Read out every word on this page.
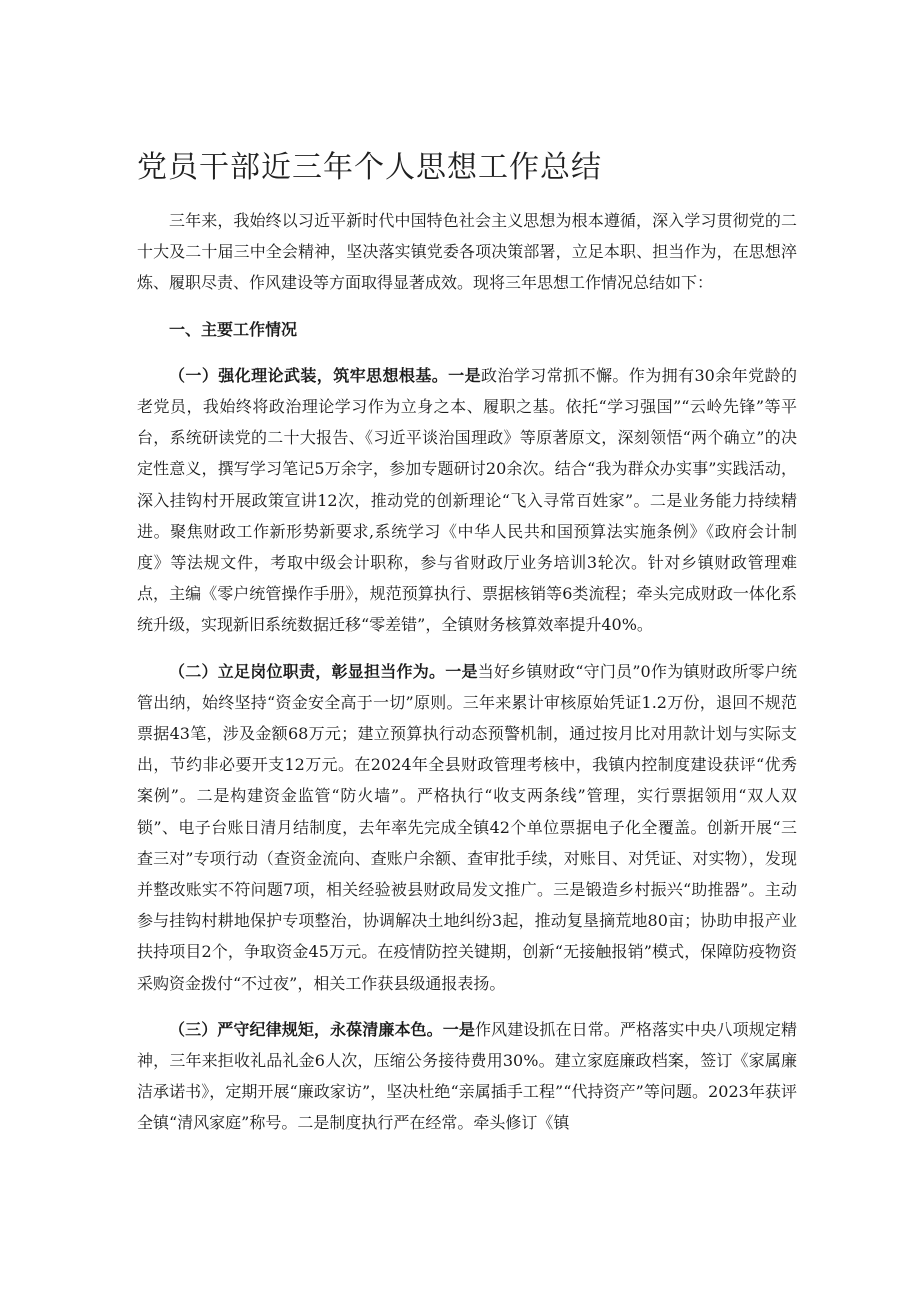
党员干部近三年个人思想工作总结

三年来，我始终以习近平新时代中国特色社会主义思想为根本遵循，深入学习贯彻党的二十大及二十届三中全会精神，坚决落实镇党委各项决策部署，立足本职、担当作为，在思想淬炼、履职尽责、作风建设等方面取得显著成效。现将三年思想工作情况总结如下：

一、主要工作情况

（一）强化理论武装，筑牢思想根基。一是政治学习常抓不懈。作为拥有30余年党龄的老党员，我始终将政治理论学习作为立身之本、履职之基。依托“学习强国”“云岭先锋”等平台，系统研读党的二十大报告、《习近平谈治国理政》等原著原文，深刻领悟“两个确立”的决定性意义，撰写学习笔记5万余字，参加专题研讨20余次。结合“我为群众办实事”实践活动，深入挂钩村开展政策宣讲12次，推动党的创新理论“飞入寻常百姓家”。二是业务能力持续精进。聚焦财政工作新形势新要求,系统学习《中华人民共和国预算法实施条例》《政府会计制度》等法规文件，考取中级会计职称，参与省财政厅业务培训3轮次。针对乡镇财政管理难点，主编《零户统管操作手册》，规范预算执行、票据核销等6类流程；牵头完成财政一体化系统升级，实现新旧系统数据迁移“零差错”，全镇财务核算效率提升40%。

（二）立足岗位职责，彰显担当作为。一是当好乡镇财政“守门员”0作为镇财政所零户统管出纳，始终坚持“资金安全高于一切”原则。三年来累计审核原始凭证1.2万份，退回不规范票据43笔，涉及金额68万元；建立预算执行动态预警机制，通过按月比对用款计划与实际支出，节约非必要开支12万元。在2024年全县财政管理考核中，我镇内控制度建设获评“优秀案例”。二是构建资金监管“防火墙”。严格执行“收支两条线”管理，实行票据领用“双人双锁”、电子台账日清月结制度，去年率先完成全镇42个单位票据电子化全覆盖。创新开展“三查三对”专项行动（查资金流向、查账户余额、查审批手续，对账目、对凭证、对实物），发现并整改账实不符问题7项，相关经验被县财政局发文推广。三是锻造乡村振兴“助推器”。主动参与挂钩村耕地保护专项整治，协调解决土地纠纷3起，推动复垦摘荒地80亩；协助申报产业扶持项目2个，争取资金45万元。在疫情防控关键期，创新“无接触报销”模式，保障防疫物资采购资金拨付“不过夜”，相关工作获县级通报表扬。

（三）严守纪律规矩，永葆清廉本色。一是作风建设抓在日常。严格落实中央八项规定精神，三年来拒收礼品礼金6人次，压缩公务接待费用30%。建立家庭廉政档案，签订《家属廉洁承诺书》，定期开展“廉政家访”，坚决杜绝“亲属插手工程”“代持资产”等问题。2023年获评全镇“清风家庭”称号。二是制度执行严在经常。牵头修订《镇
